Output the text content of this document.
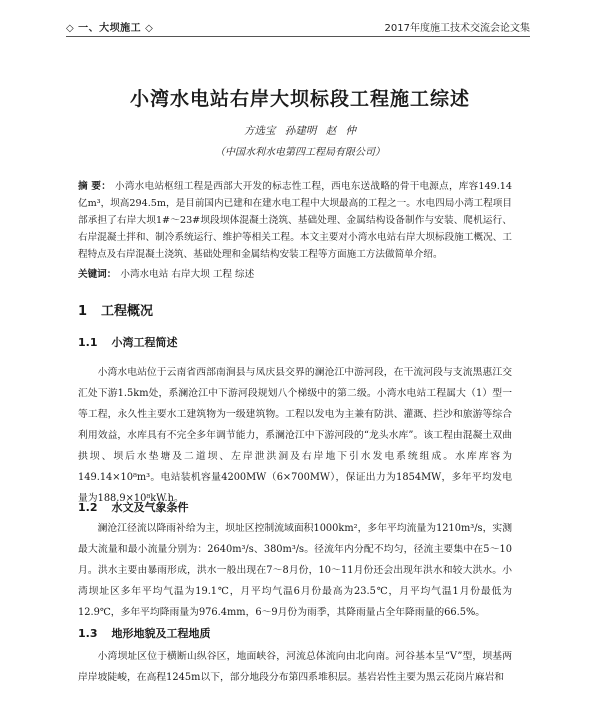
◇ 一、大坝施工 ◇	2017年度施工技术交流会论文集
小湾水电站右岸大坝标段工程施工综述
方选宝 孙建明 赵 仲
（中国水利水电第四工程局有限公司）
摘 要： 小湾水电站枢纽工程是西部大开发的标志性工程，西电东送战略的骨干电源点，库容149.14亿m³，坝高294.5m，是目前国内已建和在建水电工程中大坝最高的工程之一。水电四局小湾工程项目部承担了右岸大坝1#～23#坝段坝体混凝土浇筑、基础处理、金属结构设备制作与安装、爬机运行、右岸混凝土拌和、制冷系统运行、维护等相关工程。本文主要对小湾水电站右岸大坝标段施工概况、工程特点及右岸混凝土浇筑、基础处理和金属结构安装工程等方面施工方法做简单介绍。
关键词： 小湾水电站 右岸大坝 工程 综述
1 工程概况
1.1 小湾工程简述
小湾水电站位于云南省西部南涧县与凤庆县交界的澜沧江中游河段，在干流河段与支流黑惠江交汇处下游1.5km处，系澜沧江中下游河段规划八个梯级中的第二级。小湾水电站工程属大（1）型一等工程，永久性主要水工建筑物为一级建筑物。工程以发电为主兼有防洪、灌溉、拦沙和旅游等综合利用效益，水库具有不完全多年调节能力，系澜沧江中下游河段的“龙头水库”。该工程由混凝土双曲拱坝、坝后水垫塘及二道坝、左岸泄洪洞及右岸地下引水发电系统组成。水库库容为149.14×10⁸m³。电站装机容量4200MW（6×700MW），保证出力为1854MW，多年平均发电量为188.9×10⁸kW.h。
1.2 水文及气象条件
澜沧江径流以降雨补给为主，坝址区控制流域面积1000km²，多年平均流量为1210m³/s，实测最大流量和最小流量分别为：2640m³/s、380m³/s。径流年内分配不均匀，径流主要集中在5～10月。洪水主要由暴雨形成，洪水一般出现在7～8月份，10～11月份还会出现年洪水和较大洪水。小湾坝址区多年平均气温为19.1℃，月平均气温6月份最高为23.5℃，月平均气温1月份最低为12.9℃，多年平均降雨量为976.4mm，6～9月份为雨季，其降雨量占全年降雨量的66.5%。
1.3 地形地貌及工程地质
小湾坝址区位于横断山纵谷区，地面峡谷，河流总体流向由北向南。河谷基本呈“V”型，坝基两岸岸坡陡峻，在高程1245m以下，部分地段分布第四系堆积层。基岩岩性主要为黑云花岗片麻岩和
